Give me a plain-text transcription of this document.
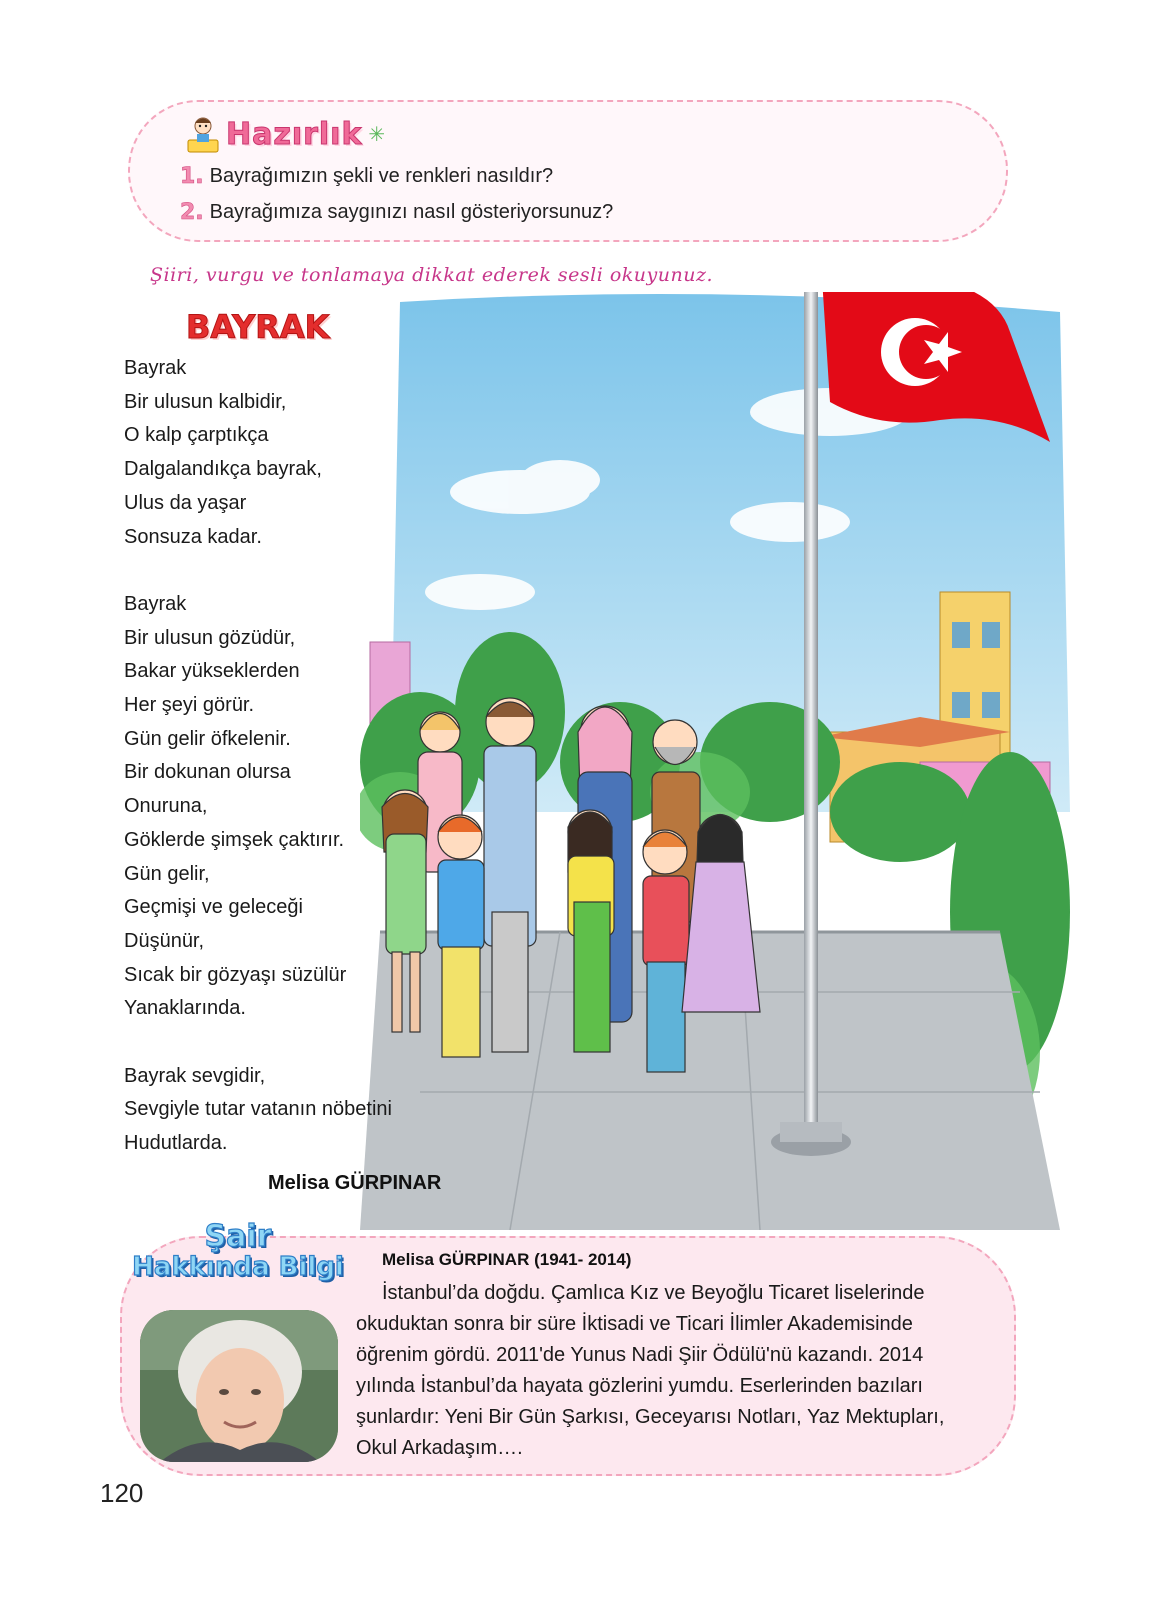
Hazırlık ✳
1. Bayrağımızın şekli ve renkleri nasıldır?
2. Bayrağımıza saygınızı nasıl gösteriyorsunuz?
Şiiri, vurgu ve tonlamaya dikkat ederek sesli okuyunuz.
BAYRAK
Bayrak
Bir ulusun kalbidir,
O kalp çarptıkça
Dalgalandıkça bayrak,
Ulus da yaşar
Sonsuza kadar.
Bayrak
Bir ulusun gözüdür,
Bakar yükseklerden
Her şeyi görür.
Gün gelir öfkelenir.
Bir dokunan olursa
Onuruna,
Göklerde şimşek çaktırır.
Gün gelir,
Geçmişi ve geleceği
Düşünür,
Sıcak bir gözyaşı süzülür
Yanaklarında.
Bayrak sevgidir,
Sevgiyle tutar vatanın nöbetini
Hudutlarda.
Melisa GÜRPINAR
Şair
Hakkında Bilgi Melisa GÜRPINAR (1941- 2014)
İstanbul’da doğdu. Çamlıca Kız ve Beyoğlu Ticaret liselerinde okuduktan sonra bir süre İktisadi ve Ticari İlimler Akademisinde öğrenim gördü. 2011'de Yunus Nadi Şiir Ödülü'nü kazandı. 2014 yılında İstanbul’da hayata gözlerini yumdu. Eserlerinden bazıları şunlardır: Yeni Bir Gün Şarkısı, Geceyarısı Notları, Yaz Mektupları, Okul Arkadaşım….
120
